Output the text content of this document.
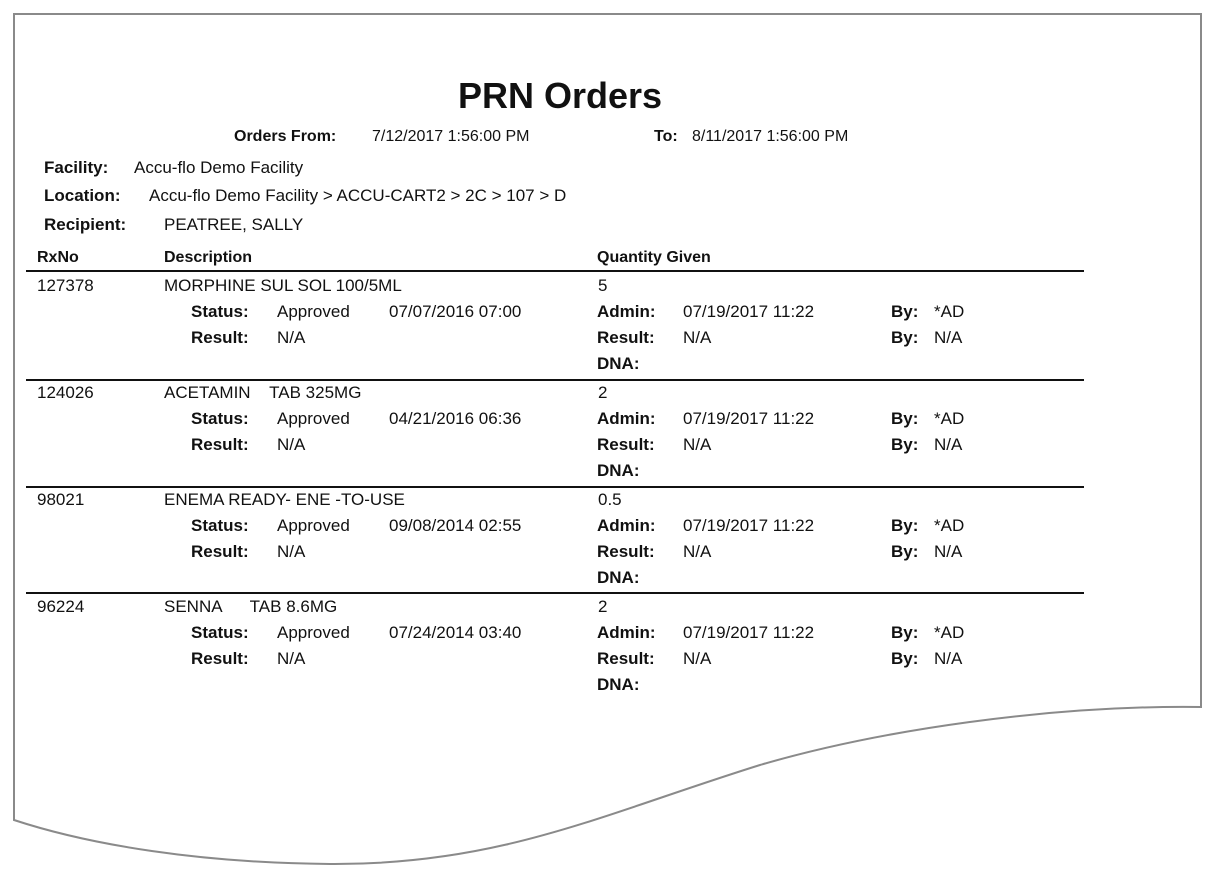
PRN Orders
Orders From: 7/12/2017 1:56:00 PM	To: 8/11/2017 1:56:00 PM
Facility: Accu-flo Demo Facility
Location: Accu-flo Demo Facility > ACCU-CART2 > 2C > 107 > D
Recipient: PEATREE, SALLY
RxNo	Description	Quantity Given
127378	MORPHINE SUL SOL 100/5ML	5
Status: Approved 07/07/2016 07:00	Admin: 07/19/2017 11:22	By: *AD
Result: N/A	Result: N/A	By: N/A
DNA:
124026	ACETAMIN    TAB 325MG	2
Status: Approved 04/21/2016 06:36	Admin: 07/19/2017 11:22	By: *AD
Result: N/A	Result: N/A	By: N/A
DNA:
98021	ENEMA READY- ENE -TO-USE	0.5
Status: Approved 09/08/2014 02:55	Admin: 07/19/2017 11:22	By: *AD
Result: N/A	Result: N/A	By: N/A
DNA:
96224	SENNA      TAB 8.6MG	2
Status: Approved 07/24/2014 03:40	Admin: 07/19/2017 11:22	By: *AD
Result: N/A	Result: N/A	By: N/A
DNA:
